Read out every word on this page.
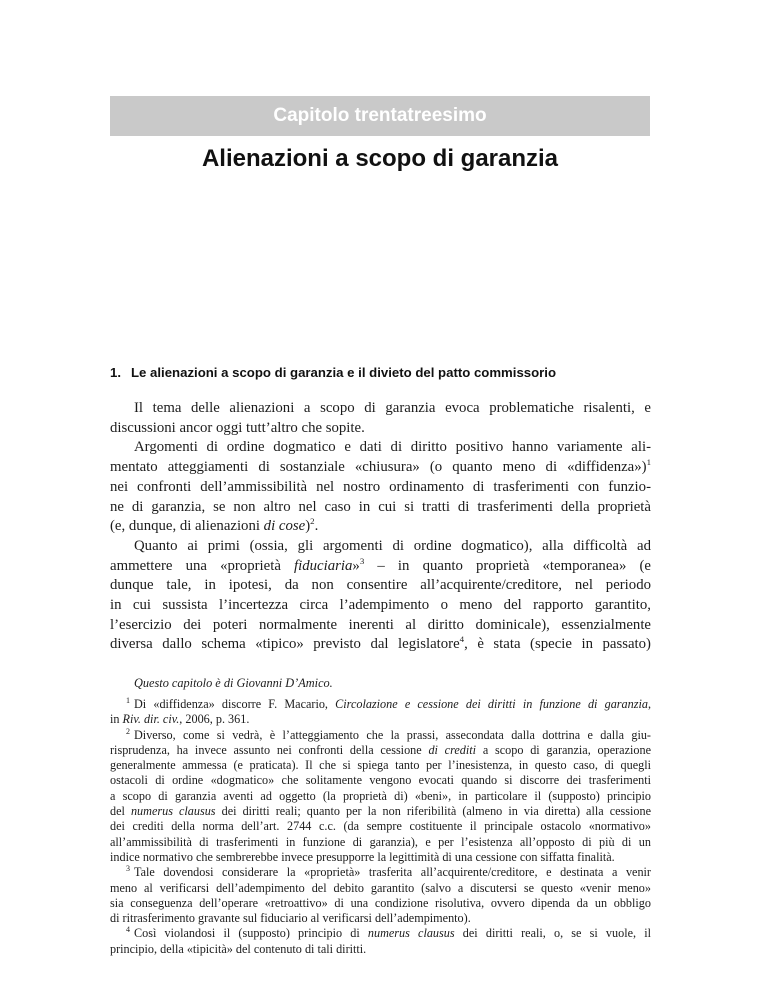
Capitolo trentatreesimo
Alienazioni a scopo di garanzia
1. Le alienazioni a scopo di garanzia e il divieto del patto commissorio
Il tema delle alienazioni a scopo di garanzia evoca problematiche risalenti, e
discussioni ancor oggi tutt’altro che sopite.
Argomenti di ordine dogmatico e dati di diritto positivo hanno variamente ali-
mentato atteggiamenti di sostanziale «chiusura» (o quanto meno di «diffidenza»)$^1$
nei confronti dell’ammissibilità nel nostro ordinamento di trasferimenti con funzio-
ne di garanzia, se non altro nel caso in cui si tratti di trasferimenti della proprietà
(e, dunque, di alienazioni di cose)$^2$.
Quanto ai primi (ossia, gli argomenti di ordine dogmatico), alla difficoltà ad
ammettere una «proprietà fiduciaria»$^3$ – in quanto proprietà «temporanea» (e
dunque tale, in ipotesi, da non consentire all’acquirente/creditore, nel periodo
in cui sussista l’incertezza circa l’adempimento o meno del rapporto garantito,
l’esercizio dei poteri normalmente inerenti al diritto dominicale), essenzialmente
diversa dallo schema «tipico» previsto dal legislatore$^4$, è stata (specie in passato)
Questo capitolo è di Giovanni D’Amico.
$^1$ Di «diffidenza» discorre F. Macario, Circolazione e cessione dei diritti in funzione di garanzia,
in Riv. dir. civ., 2006, p. 361.
$^2$ Diverso, come si vedrà, è l’atteggiamento che la prassi, assecondata dalla dottrina e dalla giu-
risprudenza, ha invece assunto nei confronti della cessione di crediti a scopo di garanzia, operazione
generalmente ammessa (e praticata). Il che si spiega tanto per l’inesistenza, in questo caso, di quegli
ostacoli di ordine «dogmatico» che solitamente vengono evocati quando si discorre dei trasferimenti
a scopo di garanzia aventi ad oggetto (la proprietà di) «beni», in particolare il (supposto) principio
del numerus clausus dei diritti reali; quanto per la non riferibilità (almeno in via diretta) alla cessione
dei crediti della norma dell’art. 2744 c.c. (da sempre costituente il principale ostacolo «normativo»
all’ammissibilità di trasferimenti in funzione di garanzia), e per l’esistenza all’opposto di più di un
indice normativo che sembrerebbe invece presupporre la legittimità di una cessione con siffatta finalità.
$^3$ Tale dovendosi considerare la «proprietà» trasferita all’acquirente/creditore, e destinata a venir
meno al verificarsi dell’adempimento del debito garantito (salvo a discutersi se questo «venir meno»
sia conseguenza dell’operare «retroattivo» di una condizione risolutiva, ovvero dipenda da un obbligo
di ritrasferimento gravante sul fiduciario al verificarsi dell’adempimento).
$^4$ Così violandosi il (supposto) principio di numerus clausus dei diritti reali, o, se si vuole, il
principio, della «tipicità» del contenuto di tali diritti.
